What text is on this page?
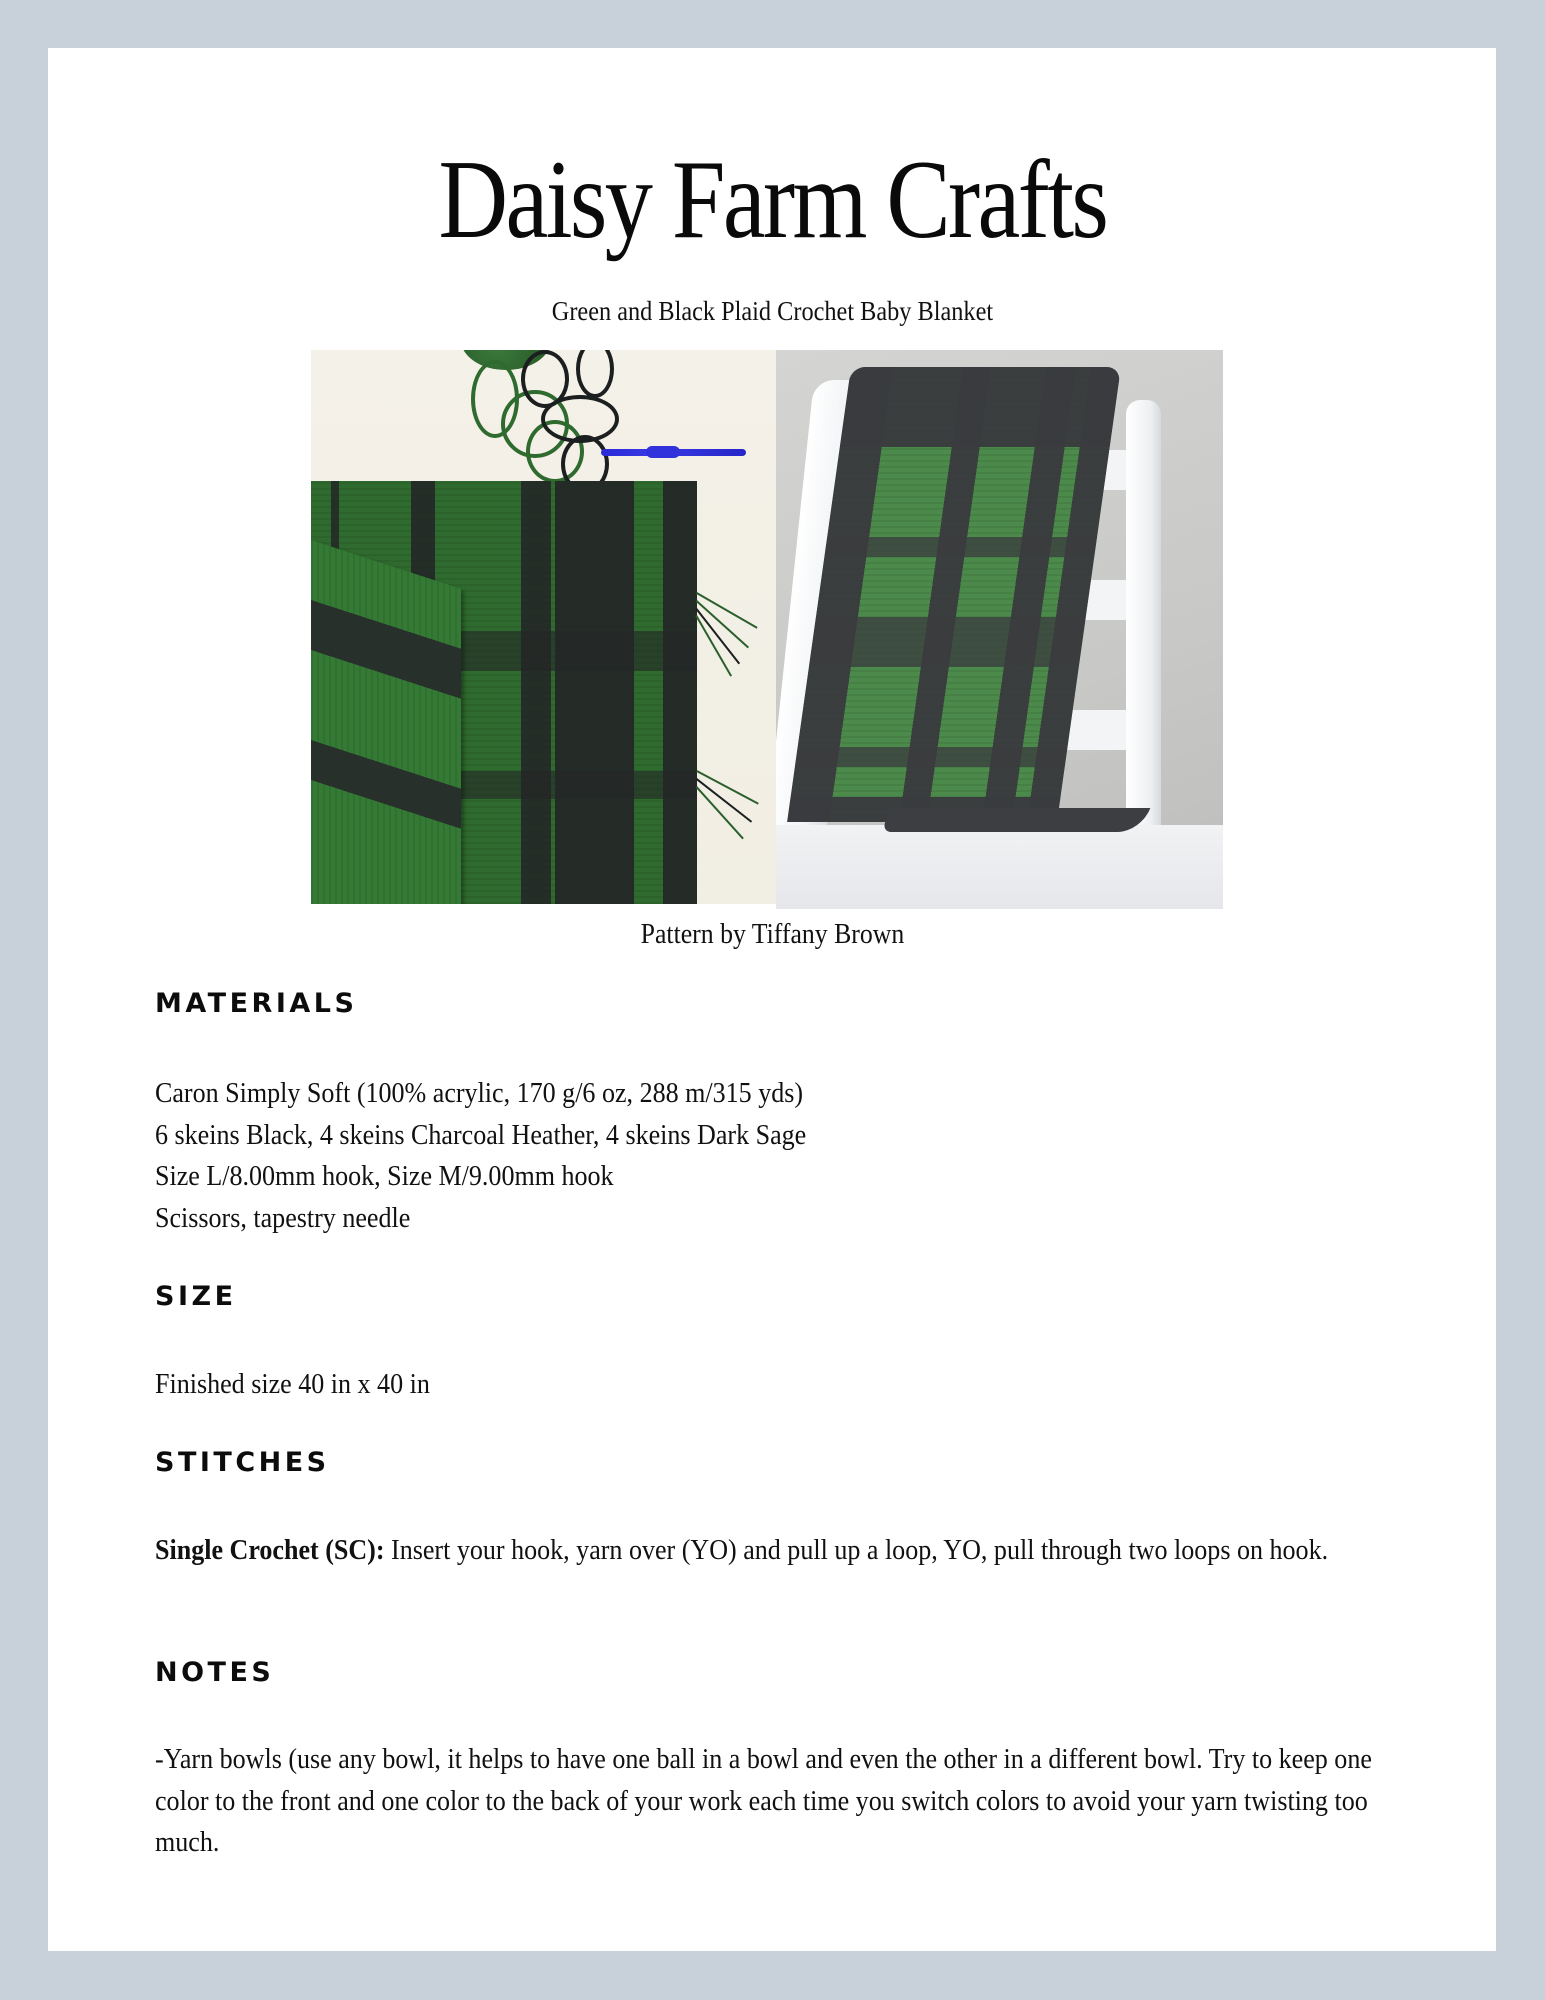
Daisy Farm Crafts
Green and Black Plaid Crochet Baby Blanket
Pattern by Tiffany Brown
MATERIALS
Caron Simply Soft (100% acrylic, 170 g/6 oz, 288 m/315 yds)
6 skeins Black, 4 skeins Charcoal Heather, 4 skeins Dark Sage
Size L/8.00mm hook, Size M/9.00mm hook
Scissors, tapestry needle
SIZE
Finished size 40 in x 40 in
STITCHES
Single Crochet (SC): Insert your hook, yarn over (YO) and pull up a loop, YO, pull through two loops on hook.
NOTES
-Yarn bowls (use any bowl, it helps to have one ball in a bowl and even the other in a different bowl. Try to keep one color to the front and one color to the back of your work each time you switch colors to avoid your yarn twisting too much.
